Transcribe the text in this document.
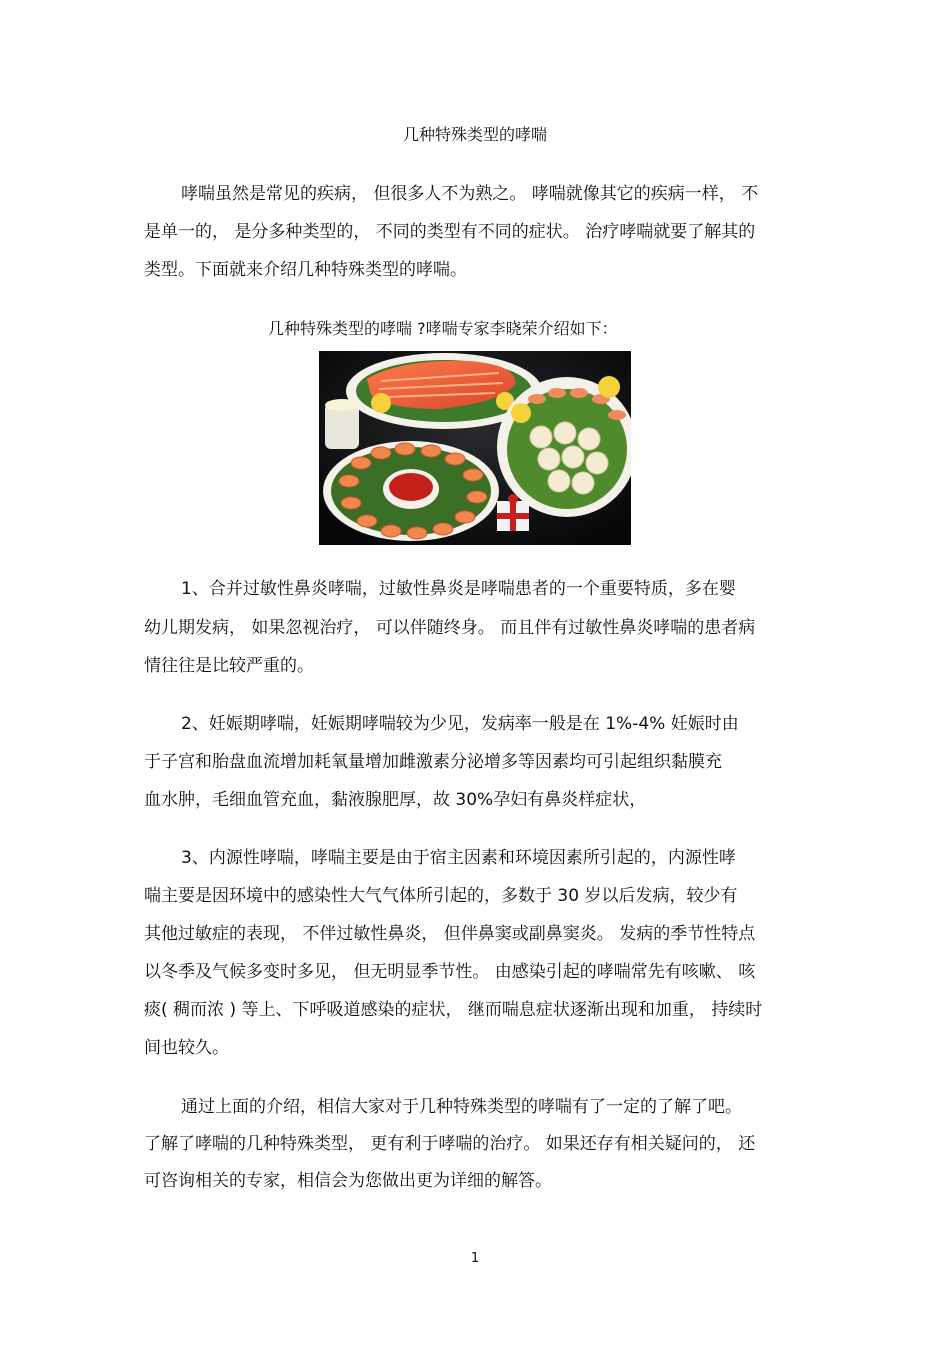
几种特殊类型的哮喘
哮喘虽然是常见的疾病， 但很多人不为熟之。 哮喘就像其它的疾病一样， 不
是单一的， 是分多种类型的， 不同的类型有不同的症状。 治疗哮喘就要了解其的
类型。下面就来介绍几种特殊类型的哮喘。
几种特殊类型的哮喘 ?哮喘专家李晓荣介绍如下：
1、合并过敏性鼻炎哮喘，过敏性鼻炎是哮喘患者的一个重要特质，多在婴
幼儿期发病， 如果忽视治疗， 可以伴随终身。 而且伴有过敏性鼻炎哮喘的患者病
情往往是比较严重的。
2、妊娠期哮喘，妊娠期哮喘较为少见，发病率一般是在 1%-4% 妊娠时由
于子宫和胎盘血流增加耗氧量增加雌激素分泌增多等因素均可引起组织黏膜充
血水肿，毛细血管充血，黏液腺肥厚，故 30%孕妇有鼻炎样症状，
3、内源性哮喘，哮喘主要是由于宿主因素和环境因素所引起的，内源性哮
喘主要是因环境中的感染性大气气体所引起的，多数于 30 岁以后发病，较少有
其他过敏症的表现， 不伴过敏性鼻炎， 但伴鼻窦或副鼻窦炎。 发病的季节性特点
以冬季及气候多变时多见， 但无明显季节性。 由感染引起的哮喘常先有咳嗽、 咳
痰( 稠而浓 ) 等上、下呼吸道感染的症状， 继而喘息症状逐渐出现和加重， 持续时
间也较久。
通过上面的介绍，相信大家对于几种特殊类型的哮喘有了一定的了解了吧。
了解了哮喘的几种特殊类型， 更有利于哮喘的治疗。 如果还存有相关疑问的， 还
可咨询相关的专家，相信会为您做出更为详细的解答。
1
